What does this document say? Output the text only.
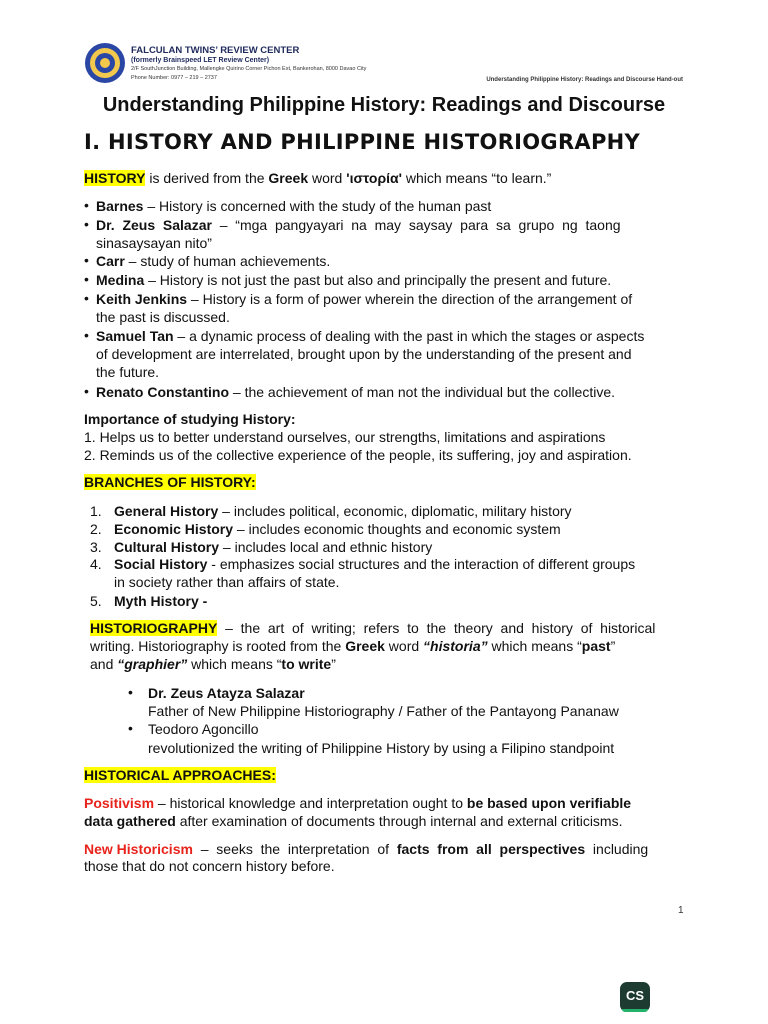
FALCULAN TWINS’ REVIEW CENTER
(formerly Brainspeed LET Review Center)
2/F SouthJunction Building, Mallengke Quirino Corner Pichon Ext, Bankerohan, 8000 Davao City
Phone Number: 0977 – 219 – 2737	Understanding Philippine History: Readings and Discourse Hand-out
Understanding Philippine History: Readings and Discourse
I. HISTORY AND PHILIPPINE HISTORIOGRAPHY
HISTORY is derived from the Greek word 'ιστορία' which means “to learn.”
• Barnes – History is concerned with the study of the human past
• Dr.  Zeus  Salazar  –  “mga  pangyayari  na  may  saysay  para  sa  grupo  ng  taong
sinasaysayan nito”
• Carr – study of human achievements.
• Medina – History is not just the past but also and principally the present and future.
• Keith Jenkins – History is a form of power wherein the direction of the arrangement of
the past is discussed.
• Samuel Tan – a dynamic process of dealing with the past in which the stages or aspects
of development are interrelated, brought upon by the understanding of the present and
the future.
• Renato Constantino – the achievement of man not the individual but the collective.
Importance of studying History:
1. Helps us to better understand ourselves, our strengths, limitations and aspirations
2. Reminds us of the collective experience of the people, its suffering, joy and aspiration.
BRANCHES OF HISTORY:
1. General History – includes political, economic, diplomatic, military history
2. Economic History – includes economic thoughts and economic system
3. Cultural History – includes local and ethnic history
4. Social History - emphasizes social structures and the interaction of different groups
in society rather than affairs of state.
5. Myth History -
HISTORIOGRAPHY  –  the  art  of  writing;  refers  to  the  theory  and  history  of  historical
writing. Historiography is rooted from the Greek word “historia” which means “past”
and “graphier” which means “to write”
• Dr. Zeus Atayza Salazar
Father of New Philippine Historiography / Father of the Pantayong Pananaw
• Teodoro Agoncillo
revolutionized the writing of Philippine History by using a Filipino standpoint
HISTORICAL APPROACHES:
Positivism – historical knowledge and interpretation ought to be based upon verifiable
data gathered after examination of documents through internal and external criticisms.
New Historicism  –  seeks  the  interpretation  of  facts  from  all  perspectives  including
those that do not concern history before.
1
CS
